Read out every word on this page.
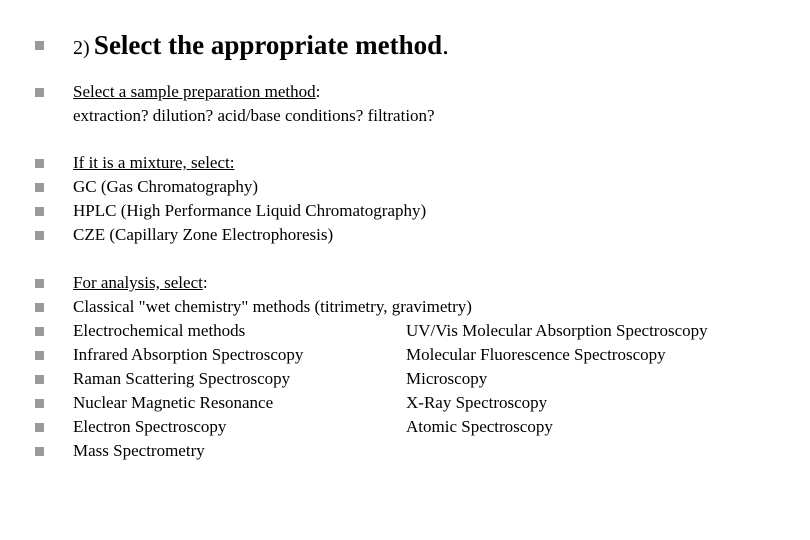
2) Select the appropriate method.
Select a sample preparation method:
extraction? dilution? acid/base conditions? filtration?
If it is a mixture, select:
GC (Gas Chromatography)
HPLC (High Performance Liquid Chromatography)
CZE (Capillary Zone Electrophoresis)
For analysis, select:
Classical "wet chemistry" methods (titrimetry, gravimetry)
Electrochemical methods	UV/Vis Molecular Absorption Spectroscopy
Infrared Absorption Spectroscopy	Molecular Fluorescence Spectroscopy
Raman Scattering Spectroscopy	Microscopy
Nuclear Magnetic Resonance	X-Ray Spectroscopy
Electron Spectroscopy	Atomic Spectroscopy
Mass Spectrometry
